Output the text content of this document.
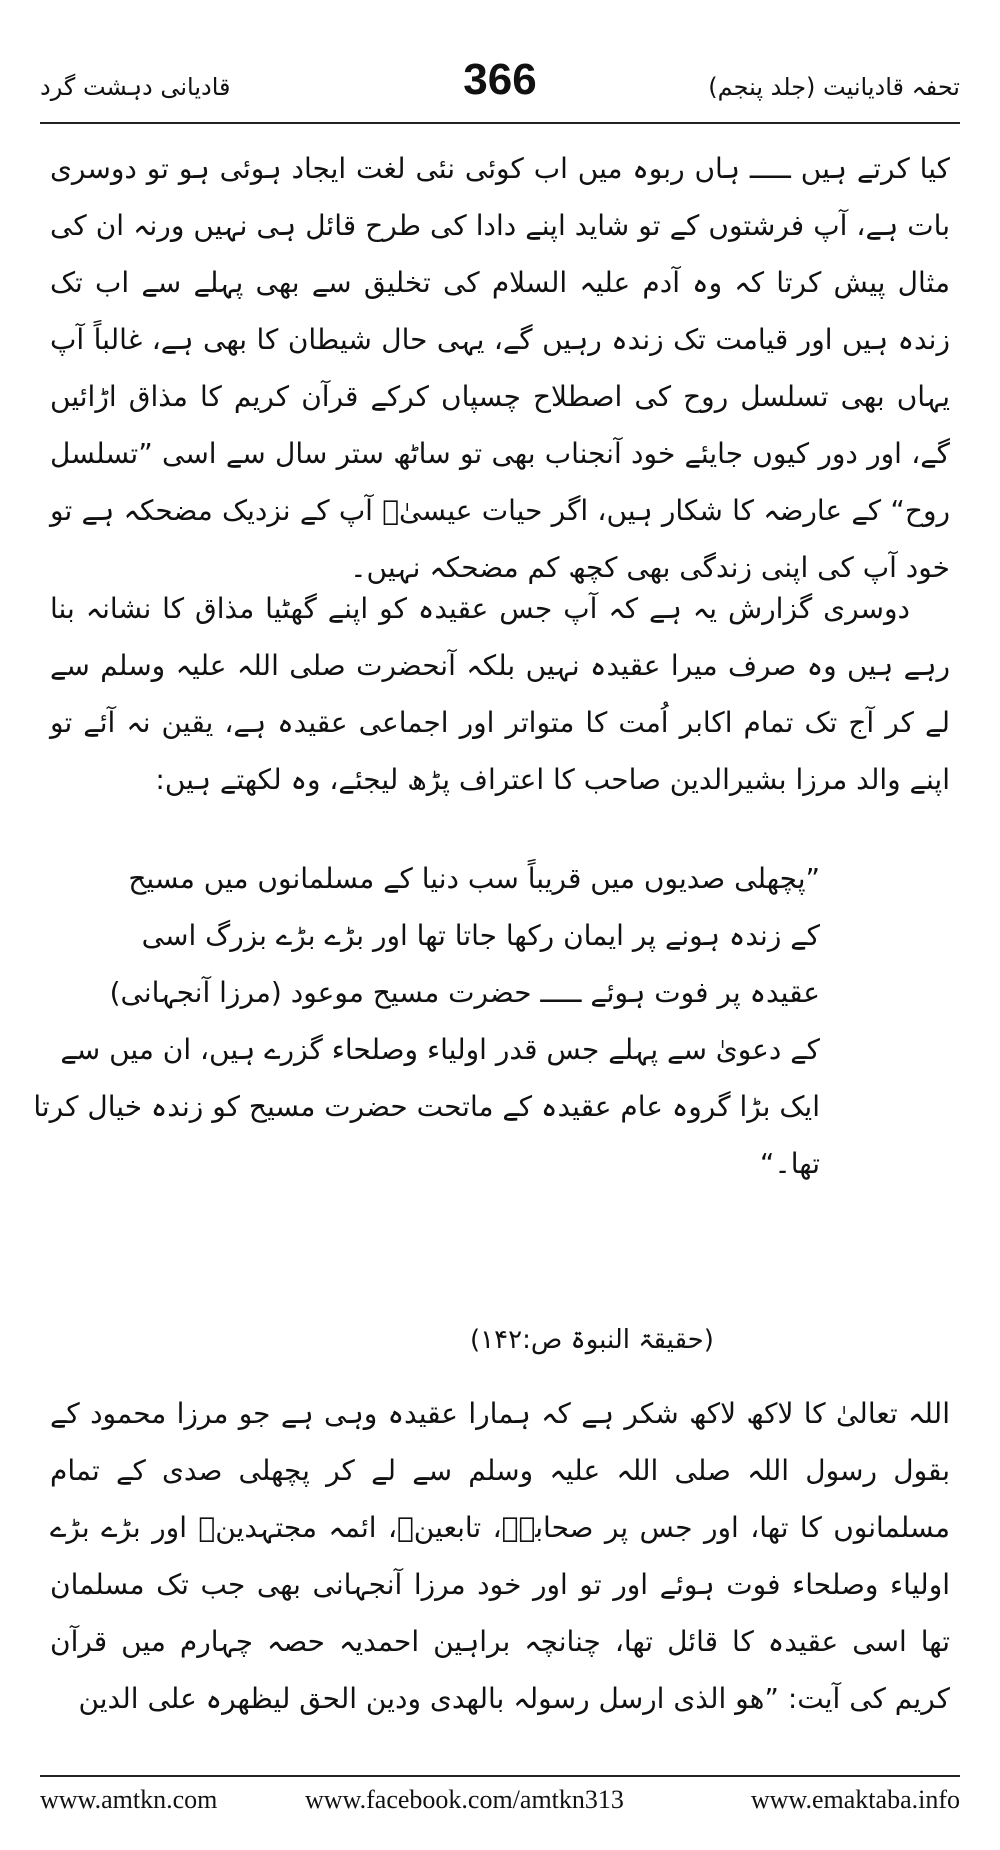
قادیانی دہشت گرد	366	تحفہ قادیانیت (جلد پنجم)

کیا کرتے ہیں ـــــ ہاں ربوہ میں اب کوئی نئی لغت ایجاد ہوئی ہو تو دوسری بات ہے، آپ فرشتوں کے تو شاید اپنے دادا کی طرح قائل ہی نہیں ورنہ ان کی مثال پیش کرتا کہ وہ آدم علیہ السلام کی تخلیق سے بھی پہلے سے اب تک زندہ ہیں اور قیامت تک زندہ رہیں گے، یہی حال شیطان کا بھی ہے، غالباً آپ یہاں بھی تسلسل روح کی اصطلاح چسپاں کرکے قرآن کریم کا مذاق اڑائیں گے، اور دور کیوں جایئے خود آنجناب بھی تو ساٹھ ستر سال سے اسی ”تسلسل روح“ کے عارضہ کا شکار ہیں، اگر حیات عیسیٰؑ آپ کے نزدیک مضحکہ ہے تو خود آپ کی اپنی زندگی بھی کچھ کم مضحکہ نہیں۔

دوسری گزارش یہ ہے کہ آپ جس عقیدہ کو اپنے گھٹیا مذاق کا نشانہ بنا رہے ہیں وہ صرف میرا عقیدہ نہیں بلکہ آنحضرت صلی اللہ علیہ وسلم سے لے کر آج تک تمام اکابر اُمت کا متواتر اور اجماعی عقیدہ ہے، یقین نہ آئے تو اپنے والد مرزا بشیرالدین صاحب کا اعتراف پڑھ لیجئے، وہ لکھتے ہیں:

”پچھلی صدیوں میں قریباً سب دنیا کے مسلمانوں میں مسیح
کے زندہ ہونے پر ایمان رکھا جاتا تھا اور بڑے بڑے بزرگ اسی
عقیدہ پر فوت ہوئے ـــــ حضرت مسیح موعود (مرزا آنجہانی)
کے دعویٰ سے پہلے جس قدر اولیاء وصلحاء گزرے ہیں، ان میں سے
ایک بڑا گروہ عام عقیدہ کے ماتحت حضرت مسیح کو زندہ خیال کرتا
تھا۔“
(حقیقۃ النبوۃ ص:۱۴۲)

اللہ تعالیٰ کا لاکھ لاکھ شکر ہے کہ ہمارا عقیدہ وہی ہے جو مرزا محمود کے بقول رسول اللہ صلی اللہ علیہ وسلم سے لے کر پچھلی صدی کے تمام مسلمانوں کا تھا، اور جس پر صحابہؓ، تابعینؒ، ائمہ مجتہدینؒ اور بڑے بڑے اولیاء وصلحاء فوت ہوئے اور تو اور خود مرزا آنجہانی بھی جب تک مسلمان تھا اسی عقیدہ کا قائل تھا، چنانچہ براہین احمدیہ حصہ چہارم میں قرآن کریم کی آیت: ”ھو الذی ارسل رسولہ بالھدی ودین الحق لیظھرہ علی الدین

www.amtkn.com	www.facebook.com/amtkn313	www.emaktaba.info
